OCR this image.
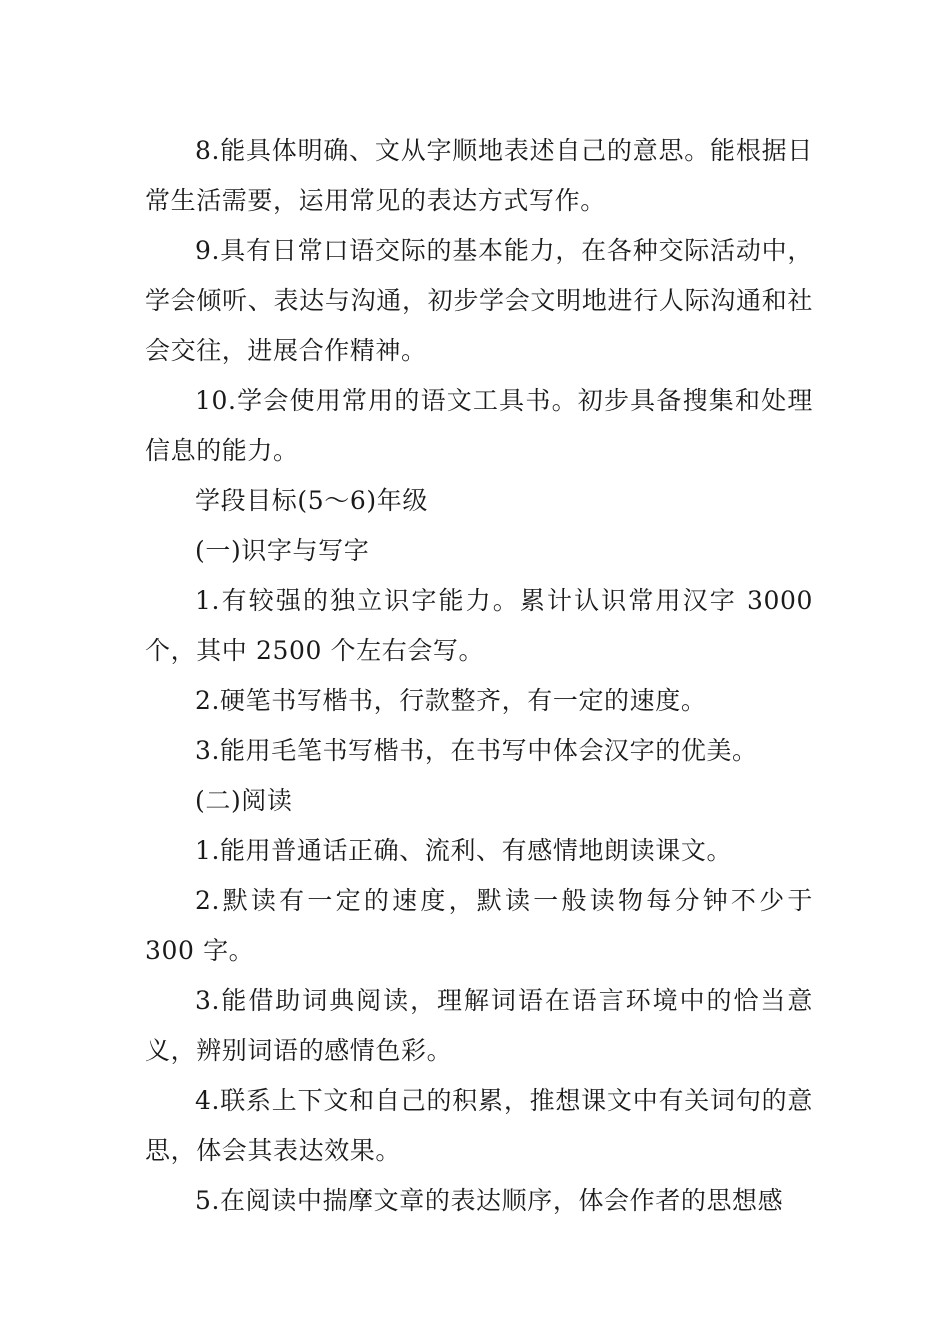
8.能具体明确、文从字顺地表述自己的意思。能根据日常生活需要，运用常见的表达方式写作。

9.具有日常口语交际的基本能力，在各种交际活动中，学会倾听、表达与沟通，初步学会文明地进行人际沟通和社会交往，进展合作精神。

10.学会使用常用的语文工具书。初步具备搜集和处理信息的能力。

学段目标(5～6)年级

(一)识字与写字

1.有较强的独立识字能力。累计认识常用汉字 3000 个，其中 2500 个左右会写。

2.硬笔书写楷书，行款整齐，有一定的速度。

3.能用毛笔书写楷书，在书写中体会汉字的优美。

(二)阅读

1.能用普通话正确、流利、有感情地朗读课文。

2.默读有一定的速度，默读一般读物每分钟不少于 300 字。

3.能借助词典阅读，理解词语在语言环境中的恰当意义，辨别词语的感情色彩。

4.联系上下文和自己的积累，推想课文中有关词句的意思，体会其表达效果。

5.在阅读中揣摩文章的表达顺序，体会作者的思想感
